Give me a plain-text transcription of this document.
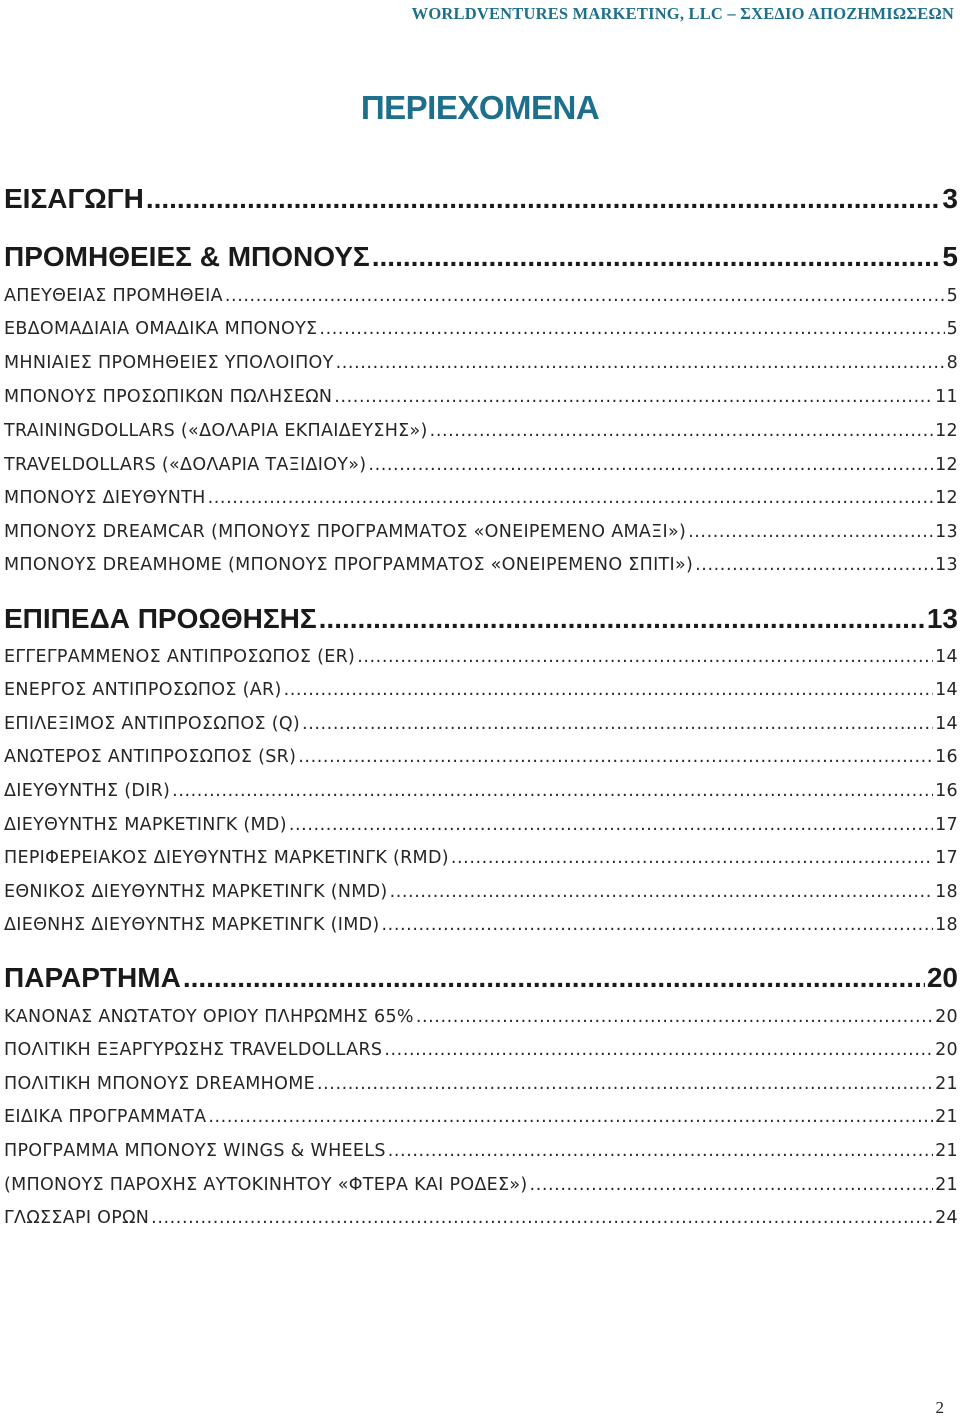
WORLDVENTURES MARKETING, LLC – ΣΧΕΔΙΟ ΑΠΟΖΗΜΙΩΣΕΩΝ
ΠΕΡΙΕΧΟΜΕΝΑ
ΕΙΣΑΓΩΓΗ .....	3
ΠΡΟΜΗΘΕΙΕΣ & ΜΠΟΝΟΥΣ .....	5
ΑΠΕΥΘΕΙΑΣ ΠΡΟΜΗΘΕΙΑ .....	5
ΕΒΔΟΜΑΔΙΑΙΑ ΟΜΑΔΙΚΑ ΜΠΟΝΟΥΣ .....	5
ΜΗΝΙΑΙΕΣ ΠΡΟΜΗΘΕΙΕΣ ΥΠΟΛΟΙΠΟΥ .....	8
ΜΠΟΝΟΥΣ ΠΡΟΣΩΠΙΚΩΝ ΠΩΛΗΣΕΩΝ .....	11
TRAININGDOLLARS («ΔΟΛΑΡΙΑ ΕΚΠΑΙΔΕΥΣΗΣ») .....	12
TRAVELDOLLARS («ΔΟΛΑΡΙΑ ΤΑΞΙΔΙΟΥ») .....	12
ΜΠΟΝΟΥΣ ΔΙΕΥΘΥΝΤΗ .....	12
ΜΠΟΝΟΥΣ DREAMCAR (ΜΠΟΝΟΥΣ ΠΡΟΓΡΑΜΜΑΤΟΣ «ΟΝΕΙΡΕΜΕΝΟ ΑΜΑΞΙ») .....	13
ΜΠΟΝΟΥΣ DREAMHOME (ΜΠΟΝΟΥΣ ΠΡΟΓΡΑΜΜΑΤΟΣ «ΟΝΕΙΡΕΜΕΝΟ ΣΠΙΤΙ») .....	13
ΕΠΙΠΕΔΑ ΠΡΟΩΘΗΣΗΣ .....	13
ΕΓΓΕΓΡΑΜΜΕΝΟΣ ΑΝΤΙΠΡΟΣΩΠΟΣ (ER) .....	14
ΕΝΕΡΓΟΣ ΑΝΤΙΠΡΟΣΩΠΟΣ (AR) .....	14
ΕΠΙΛΕΞΙΜΟΣ ΑΝΤΙΠΡΟΣΩΠΟΣ (Q) .....	14
ΑΝΩΤΕΡΟΣ ΑΝΤΙΠΡΟΣΩΠΟΣ (SR) .....	16
ΔΙΕΥΘΥΝΤΗΣ (DIR) .....	16
ΔΙΕΥΘΥΝΤΗΣ ΜΑΡΚΕΤΙΝΓΚ (MD) .....	17
ΠΕΡΙΦΕΡΕΙΑΚΟΣ ΔΙΕΥΘΥΝΤΗΣ ΜΑΡΚΕΤΙΝΓΚ (RMD) .....	17
ΕΘΝΙΚΟΣ ΔΙΕΥΘΥΝΤΗΣ ΜΑΡΚΕΤΙΝΓΚ (NMD) .....	18
ΔΙΕΘΝΗΣ ΔΙΕΥΘΥΝΤΗΣ ΜΑΡΚΕΤΙΝΓΚ (IMD) .....	18
ΠΑΡΑΡΤΗΜΑ .....	20
ΚΑΝΟΝΑΣ ΑΝΩΤΑΤΟΥ ΟΡΙΟΥ ΠΛΗΡΩΜΗΣ 65% .....	20
ΠΟΛΙΤΙΚΗ ΕΞΑΡΓΥΡΩΣΗΣ TRAVELDOLLARS .....	20
ΠΟΛΙΤΙΚΗ ΜΠΟΝΟΥΣ DREAMHOME .....	21
ΕΙΔΙΚΑ ΠΡΟΓΡΑΜΜΑΤΑ .....	21
ΠΡΟΓΡΑΜΜΑ ΜΠΟΝΟΥΣ WINGS & WHEELS .....	21
(ΜΠΟΝΟΥΣ ΠΑΡΟΧΗΣ ΑΥΤΟΚΙΝΗΤΟΥ «ΦΤΕΡΑ ΚΑΙ ΡΟΔΕΣ») .....	21
ΓΛΩΣΣΑΡΙ ΟΡΩΝ .....	24
2
